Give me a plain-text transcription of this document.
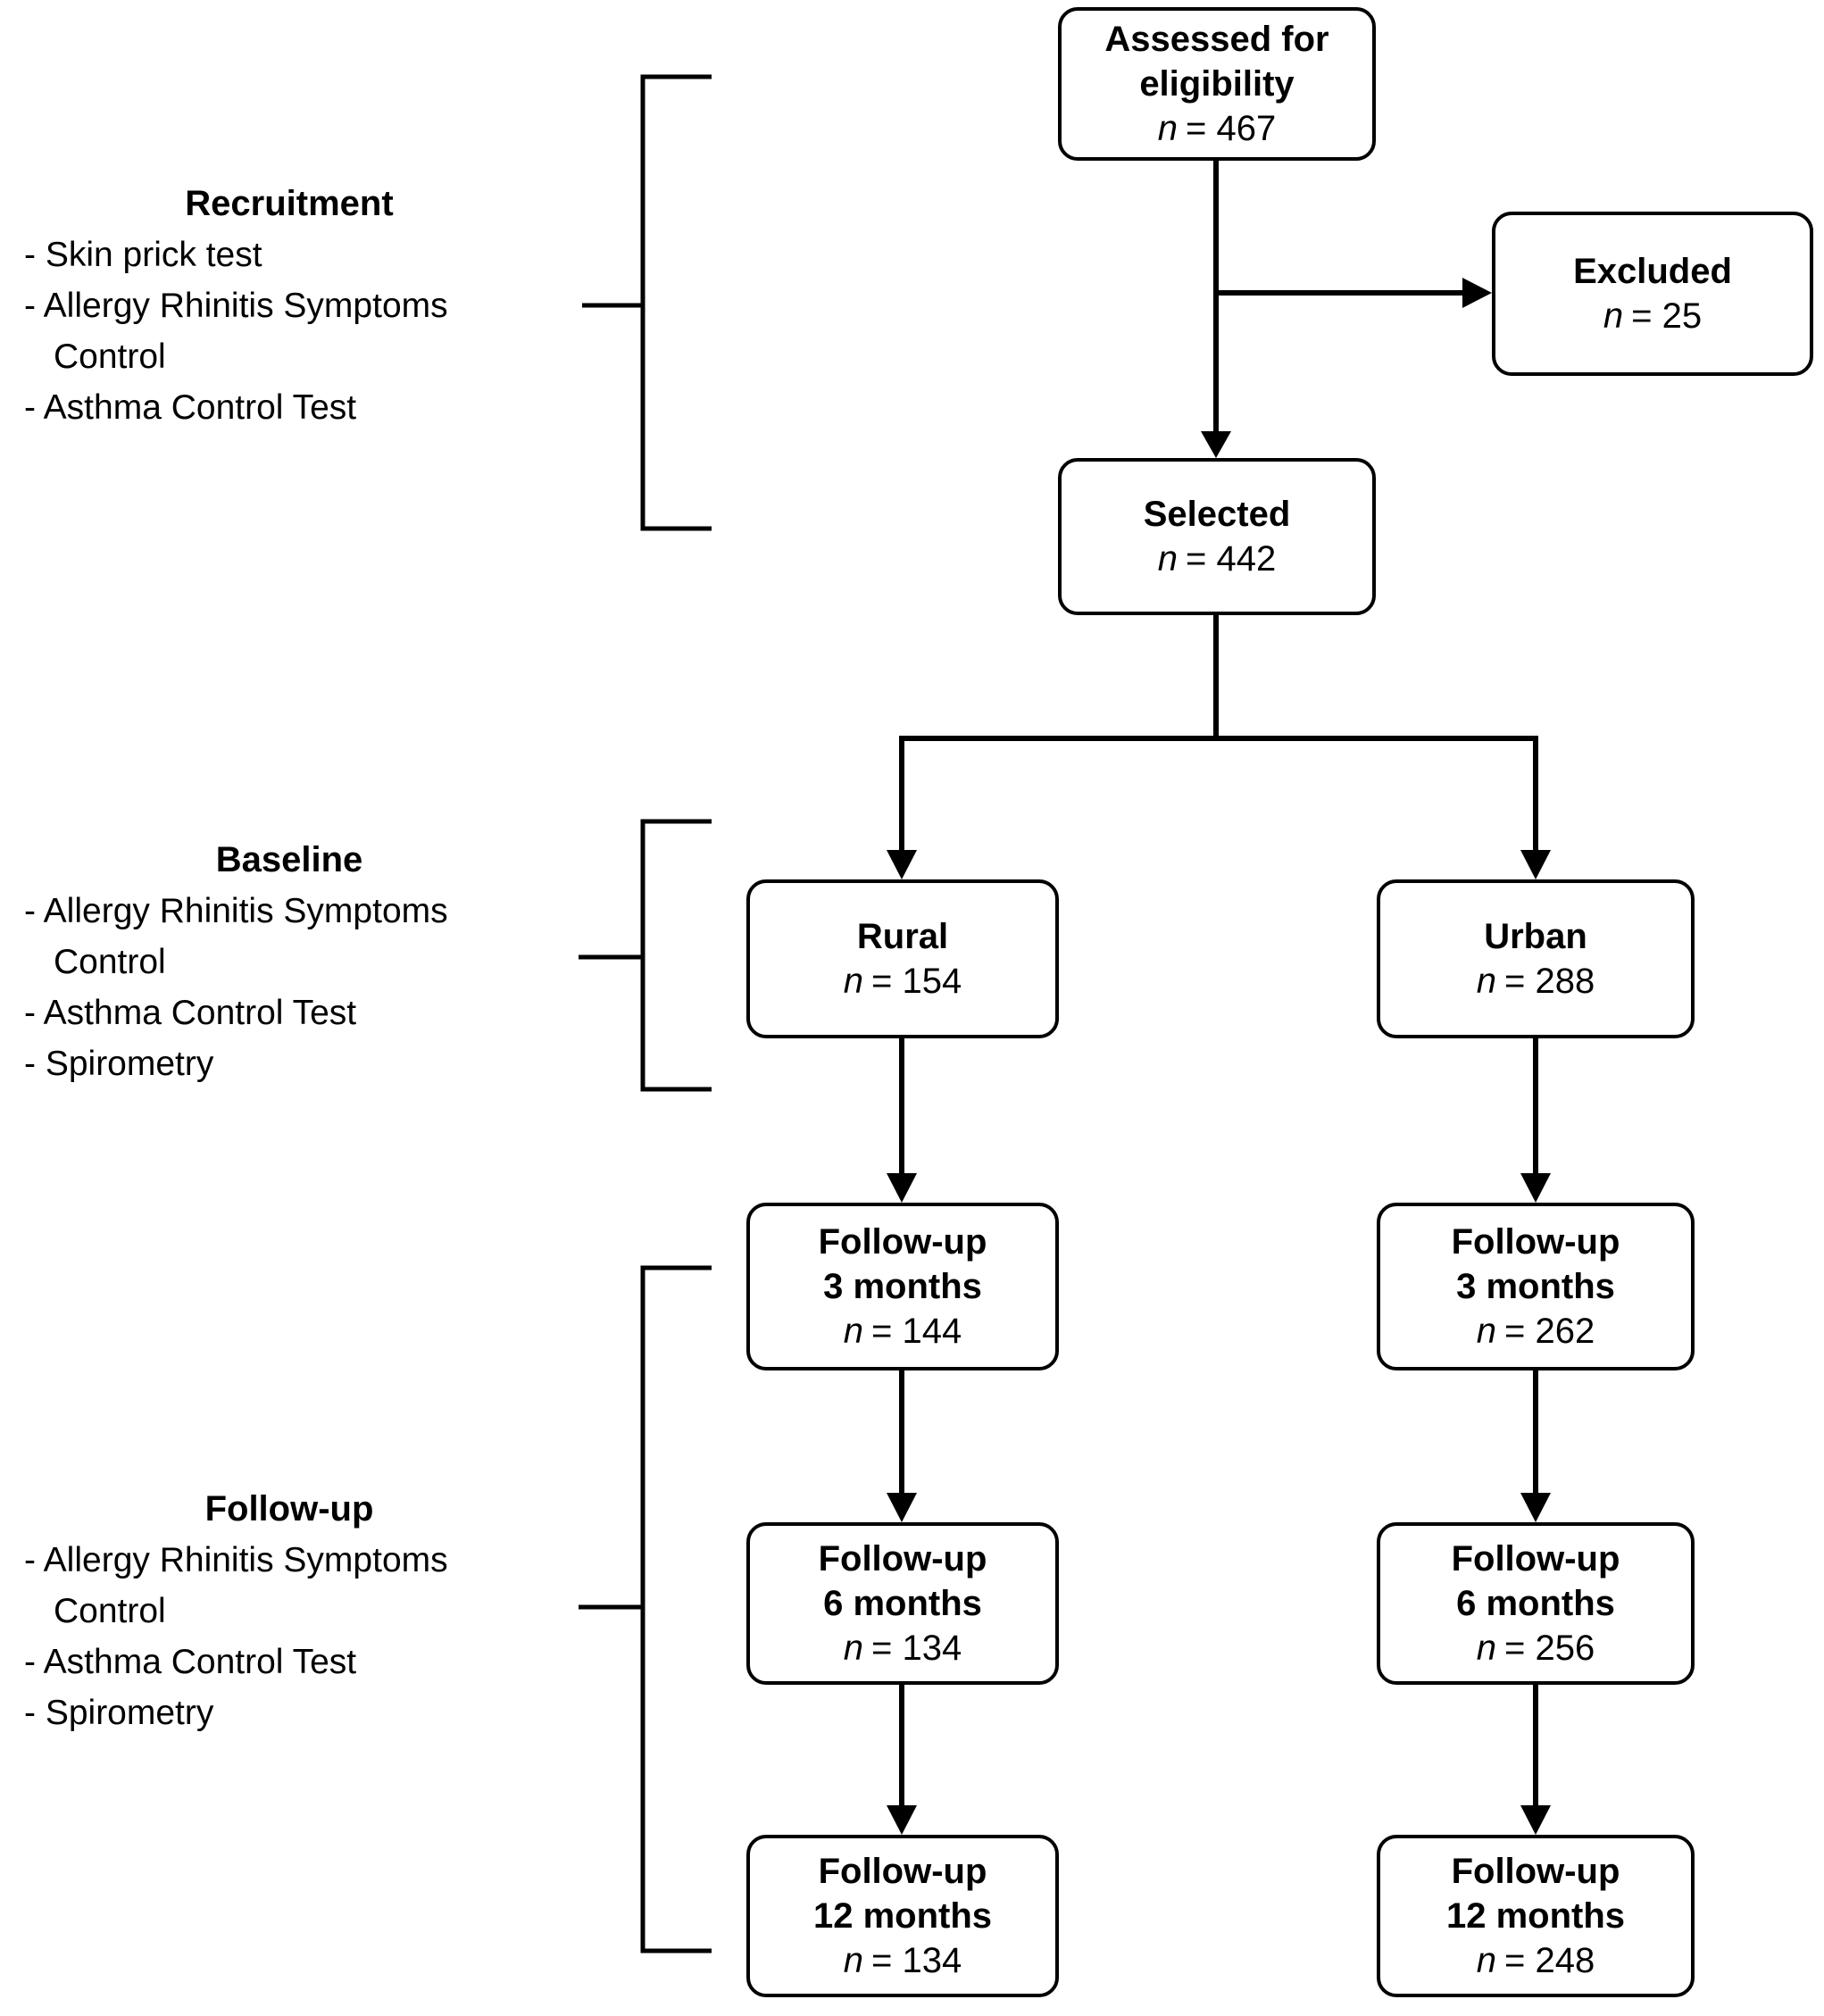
Recruitment
- Skin prick test
- Allergy Rhinitis Symptoms Control
- Asthma Control Test
Baseline
- Allergy Rhinitis Symptoms Control
- Asthma Control Test
- Spirometry
Follow-up
- Allergy Rhinitis Symptoms Control
- Asthma Control Test
- Spirometry
Assessed for
eligibility
n = 467
Excluded
n = 25
Selected
n = 442
Rural
n = 154
Urban
n = 288
Follow-up
3 months
n = 144
Follow-up
3 months
n = 262
Follow-up
6 months
n = 134
Follow-up
6 months
n = 256
Follow-up
12 months
n = 134
Follow-up
12 months
n = 248
